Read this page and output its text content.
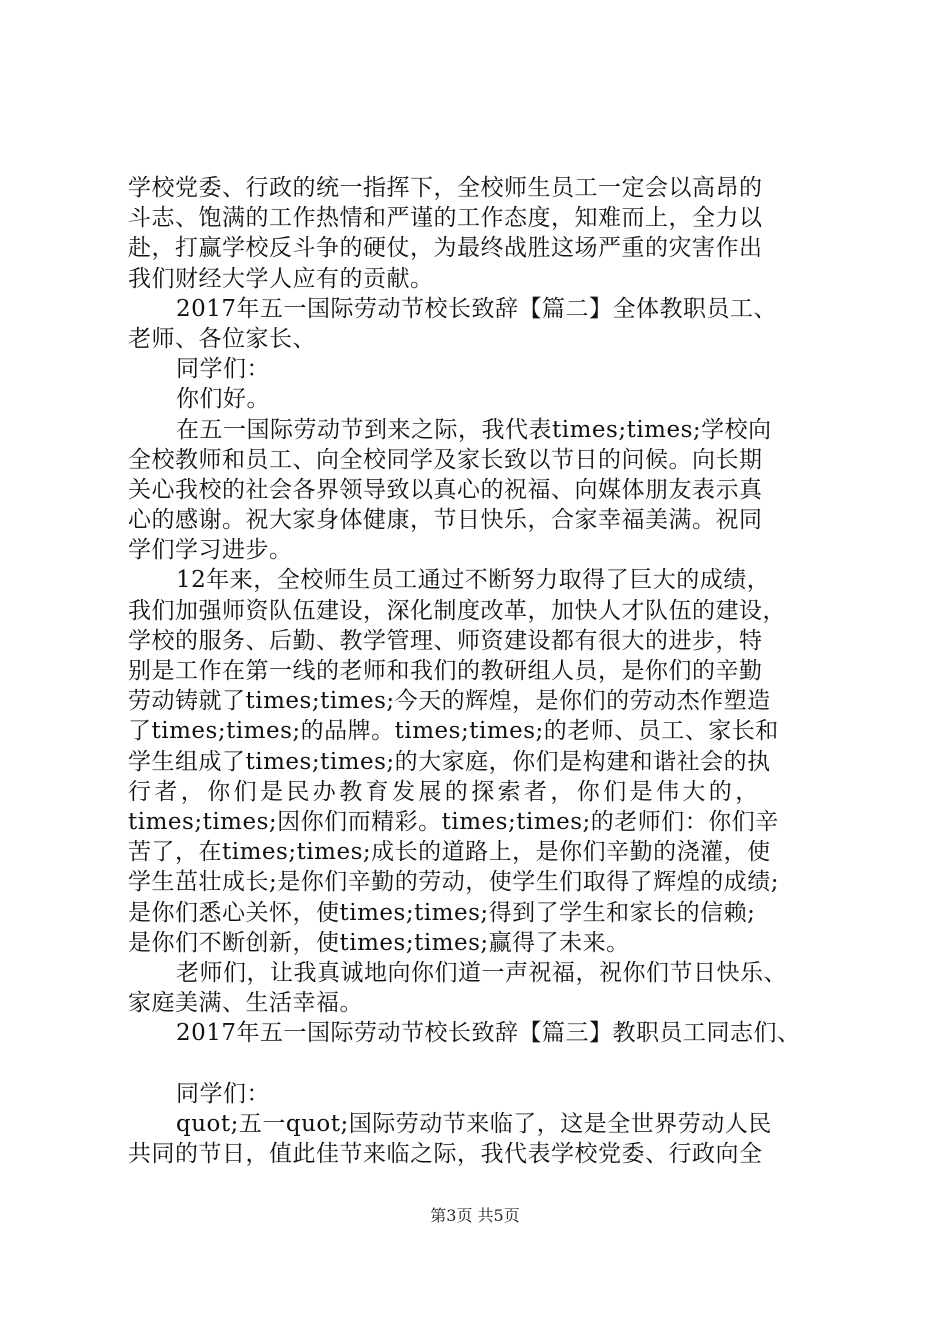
学校党委、行政的统一指挥下，全校师生员工一定会以高昂的
斗志、饱满的工作热情和严谨的工作态度，知难而上，全力以
赴，打赢学校反斗争的硬仗，为最终战胜这场严重的灾害作出
我们财经大学人应有的贡献。
2017年五一国际劳动节校长致辞【篇二】全体教职员工、
老师、各位家长、
同学们：
你们好。
在五一国际劳动节到来之际，我代表times;times;学校向
全校教师和员工、向全校同学及家长致以节日的问候。向长期
关心我校的社会各界领导致以真心的祝福、向媒体朋友表示真
心的感谢。祝大家身体健康，节日快乐，合家幸福美满。祝同
学们学习进步。
12年来，全校师生员工通过不断努力取得了巨大的成绩，
我们加强师资队伍建设，深化制度改革，加快人才队伍的建设，
学校的服务、后勤、教学管理、师资建设都有很大的进步，特
别是工作在第一线的老师和我们的教研组人员，是你们的辛勤
劳动铸就了times;times;今天的辉煌，是你们的劳动杰作塑造
了times;times;的品牌。times;times;的老师、员工、家长和
学生组成了times;times;的大家庭，你们是构建和谐社会的执
行者，你们是民办教育发展的探索者，你们是伟大的，
times;times;因你们而精彩。times;times;的老师们：你们辛
苦了，在times;times;成长的道路上，是你们辛勤的浇灌，使
学生茁壮成长;是你们辛勤的劳动，使学生们取得了辉煌的成绩;
是你们悉心关怀，使times;times;得到了学生和家长的信赖;
是你们不断创新，使times;times;赢得了未来。
老师们，让我真诚地向你们道一声祝福，祝你们节日快乐、
家庭美满、生活幸福。
2017年五一国际劳动节校长致辞【篇三】教职员工同志们、
同学们：
quot;五一quot;国际劳动节来临了，这是全世界劳动人民
共同的节日，值此佳节来临之际，我代表学校党委、行政向全
第3页 共5页
